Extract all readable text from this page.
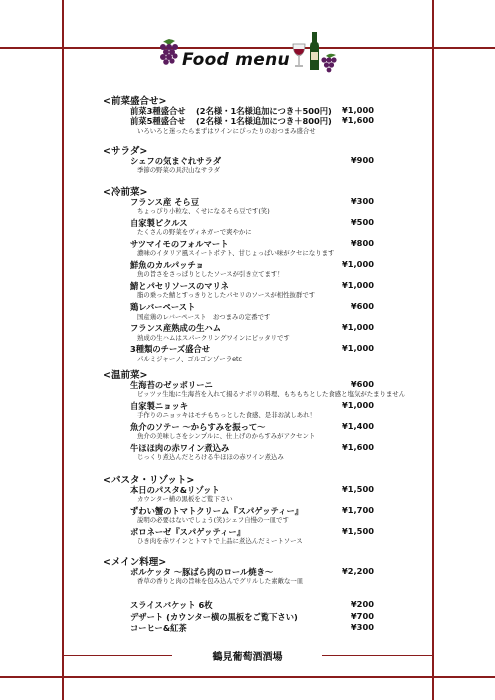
Food menu
<前菜盛合せ>
前菜3種盛合せ (2名様・1名様追加につき＋500円) ¥1,000
前菜5種盛合せ (2名様・1名様追加につき＋800円) ¥1,600
いろいろと迷ったらまずはワインにぴったりのおつまみ盛合せ
<サラダ>
シェフの気まぐれサラダ	¥900
季節の野菜の具沢山なサラダ
<冷前菜>
フランス産 そら豆	¥300
ちょっぴり小粒な、くせになるそら豆です(笑)
自家製ピクルス	¥500
たくさんの野菜をヴィネガーで爽やかに
サツマイモのフォルマート	¥800
濃味のイタリア風スイートポテト、甘じょっぱい味がクセになります
鮮魚のカルパッチョ	¥1,000
魚の旨さをさっぱりとしたソースが引き立てます！
鯖とパセリソースのマリネ	¥1,000
脂の乗った鯖とすっきりとしたパセリのソースが相性抜群です
鶏レバーペースト	¥600
国産鶏のレバーペースト　おつまみの定番です
フランス産熟成の生ハム	¥1,000
熟成の生ハムはスパークリングワインにピッタリです
3種類のチーズ盛合せ	¥1,000
パルミジャーノ、ゴルゴンゾーラetc
<温前菜>
生海苔のゼッポリーニ	¥600
ピッツァ生地に生海苔を入れて揚るナポリの料理、もちもちとした食感と塩気がたまりません
自家製ニョッキ	¥1,000
手作りのニョッキはモチもちっとした食感、是非お試しあれ！
魚介のソテー ～からすみを振って～	¥1,400
魚介の美味しさをシンプルに、仕上げのからすみがアクセント
牛ほほ肉の赤ワイン煮込み	¥1,600
じっくり煮込んだとろける牛ほほの赤ワイン煮込み
<パスタ・リゾット>
本日のパスタ&リゾット	¥1,500
カウンター横の黒板をご覧下さい
ずわい蟹のトマトクリーム『スパゲッティー』	¥1,700
説明の必要はないでしょう(笑)シェフ自慢の一皿です
ボロネーゼ『スパゲッティー』	¥1,500
ひき肉を赤ワインとトマトで上品に煮込んだミートソース
<メイン料理>
ポルケッタ ～豚ばら肉のロール焼き～	¥2,200
香草の香りと肉の旨味を包み込んでグリルした素敵な一皿
スライスバケット 6枚	¥200
デザート (カウンター横の黒板をご覧下さい)	¥700
コーヒー&紅茶	¥300
鶴見葡萄酒酒場
